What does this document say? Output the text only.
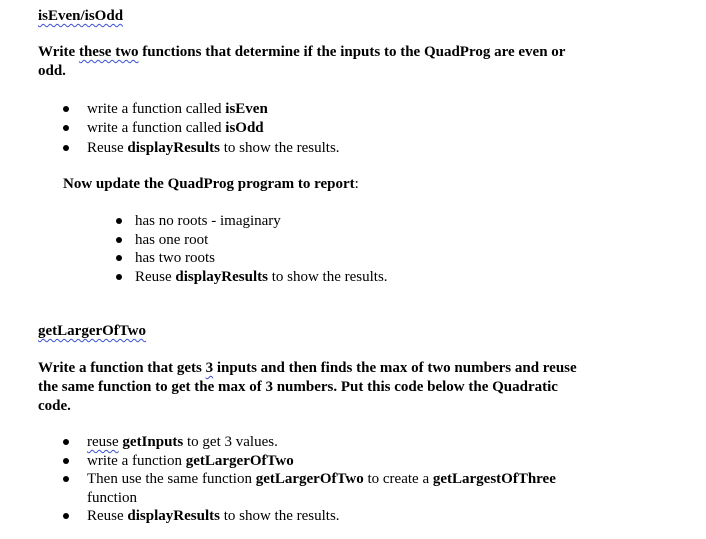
isEven/isOdd
Write these two functions that determine if the inputs to the QuadProg are even or
odd.
write a function called isEven
write a function called isOdd
Reuse displayResults to show the results.
Now update the QuadProg program to report:
has no roots - imaginary
has one root
has two roots
Reuse displayResults to show the results.
getLargerOfTwo
Write a function that gets 3 inputs and then finds the max of two numbers and reuse
the same function to get the max of 3 numbers. Put this code below the Quadratic
code.
reuse getInputs to get 3 values.
write a function getLargerOfTwo
Then use the same function getLargerOfTwo to create a getLargestOfThree
function
Reuse displayResults to show the results.
